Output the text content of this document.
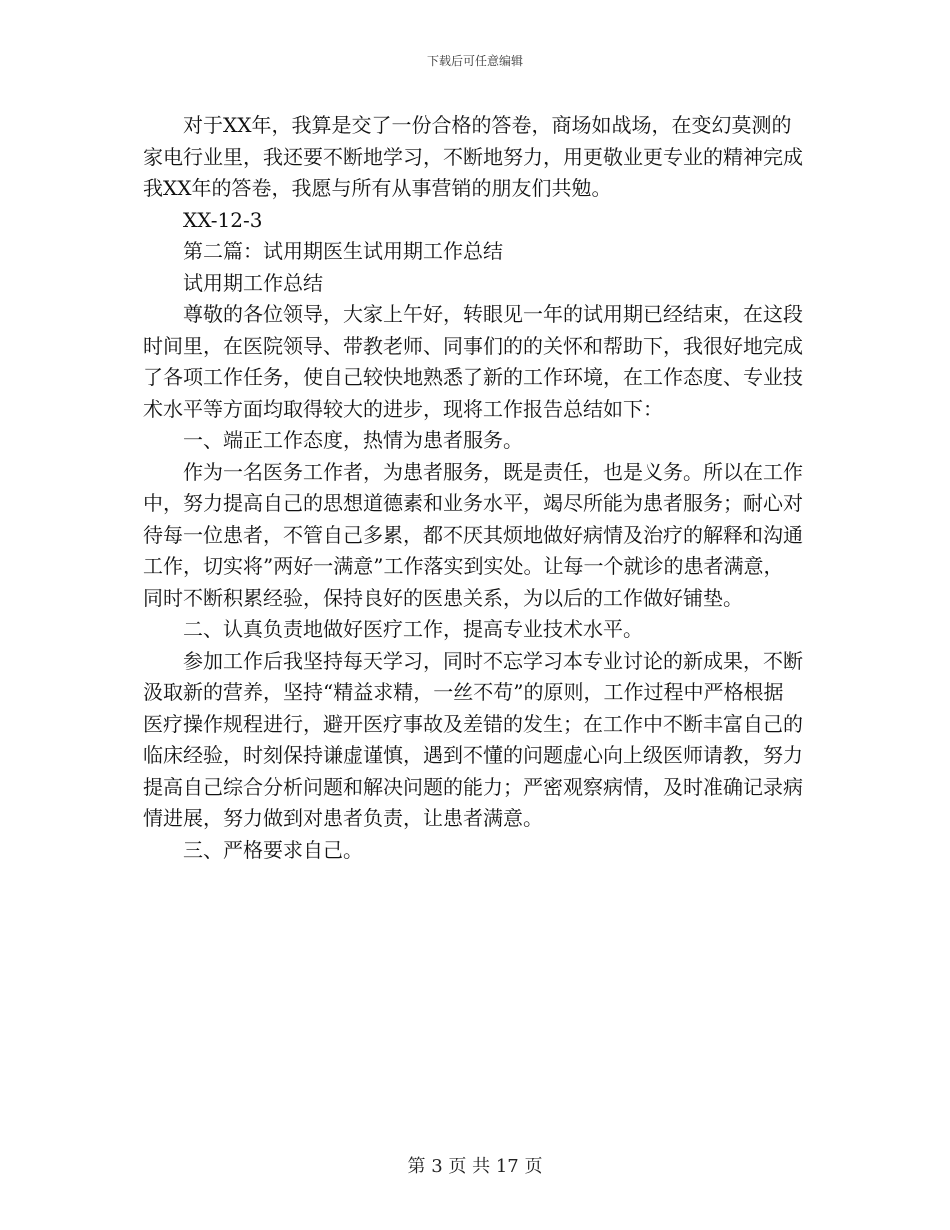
下载后可任意编辑

对于XX年，我算是交了一份合格的答卷，商场如战场，在变幻莫测的家电行业里，我还要不断地学习，不断地努力，用更敬业更专业的精神完成我XX年的答卷，我愿与所有从事营销的朋友们共勉。

XX-12-3

第二篇：试用期医生试用期工作总结

试用期工作总结

尊敬的各位领导，大家上午好，转眼见一年的试用期已经结束，在这段时间里，在医院领导、带教老师、同事们的的关怀和帮助下，我很好地完成了各项工作任务，使自己较快地熟悉了新的工作环境，在工作态度、专业技术水平等方面均取得较大的进步，现将工作报告总结如下：

一、端正工作态度，热情为患者服务。

作为一名医务工作者，为患者服务，既是责任，也是义务。所以在工作中，努力提高自己的思想道德素和业务水平，竭尽所能为患者服务；耐心对待每一位患者，不管自己多累，都不厌其烦地做好病情及治疗的解释和沟通工作，切实将”两好一满意”工作落实到实处。让每一个就诊的患者满意， 同时不断积累经验，保持良好的医患关系，为以后的工作做好铺垫。

二、认真负责地做好医疗工作，提高专业技术水平。

参加工作后我坚持每天学习，同时不忘学习本专业讨论的新成果，不断汲取新的营养，坚持“精益求精，一丝不苟”的原则，工作过程中严格根据医疗操作规程进行，避开医疗事故及差错的发生；在工作中不断丰富自己的临床经验，时刻保持谦虚谨慎，遇到不懂的问题虚心向上级医师请教，努力提高自己综合分析问题和解决问题的能力；严密观察病情，及时准确记录病情进展，努力做到对患者负责，让患者满意。

三、严格要求自己。

第 3 页 共 17 页
